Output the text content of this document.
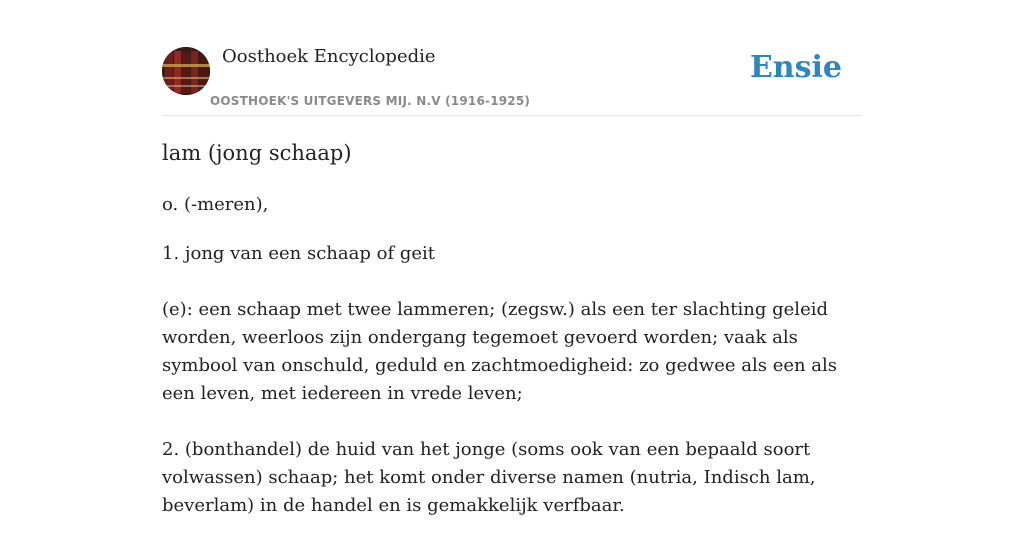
Oosthoek Encyclopedie
OOSTHOEK'S UITGEVERS MIJ. N.V (1916-1925)
Ensie
lam (jong schaap)
o. (-meren),

1. jong van een schaap of geit

(e): een schaap met twee lammeren; (zegsw.) als een ter slachting geleid worden, weerloos zijn ondergang tegemoet gevoerd worden; vaak als symbool van onschuld, geduld en zachtmoedigheid: zo gedwee als een als een leven, met iedereen in vrede leven;

2. (bonthandel) de huid van het jonge (soms ook van een bepaald soort volwassen) schaap; het komt onder diverse namen (nutria, Indisch lam, beverlam) in de handel en is gemakkelijk verfbaar.
